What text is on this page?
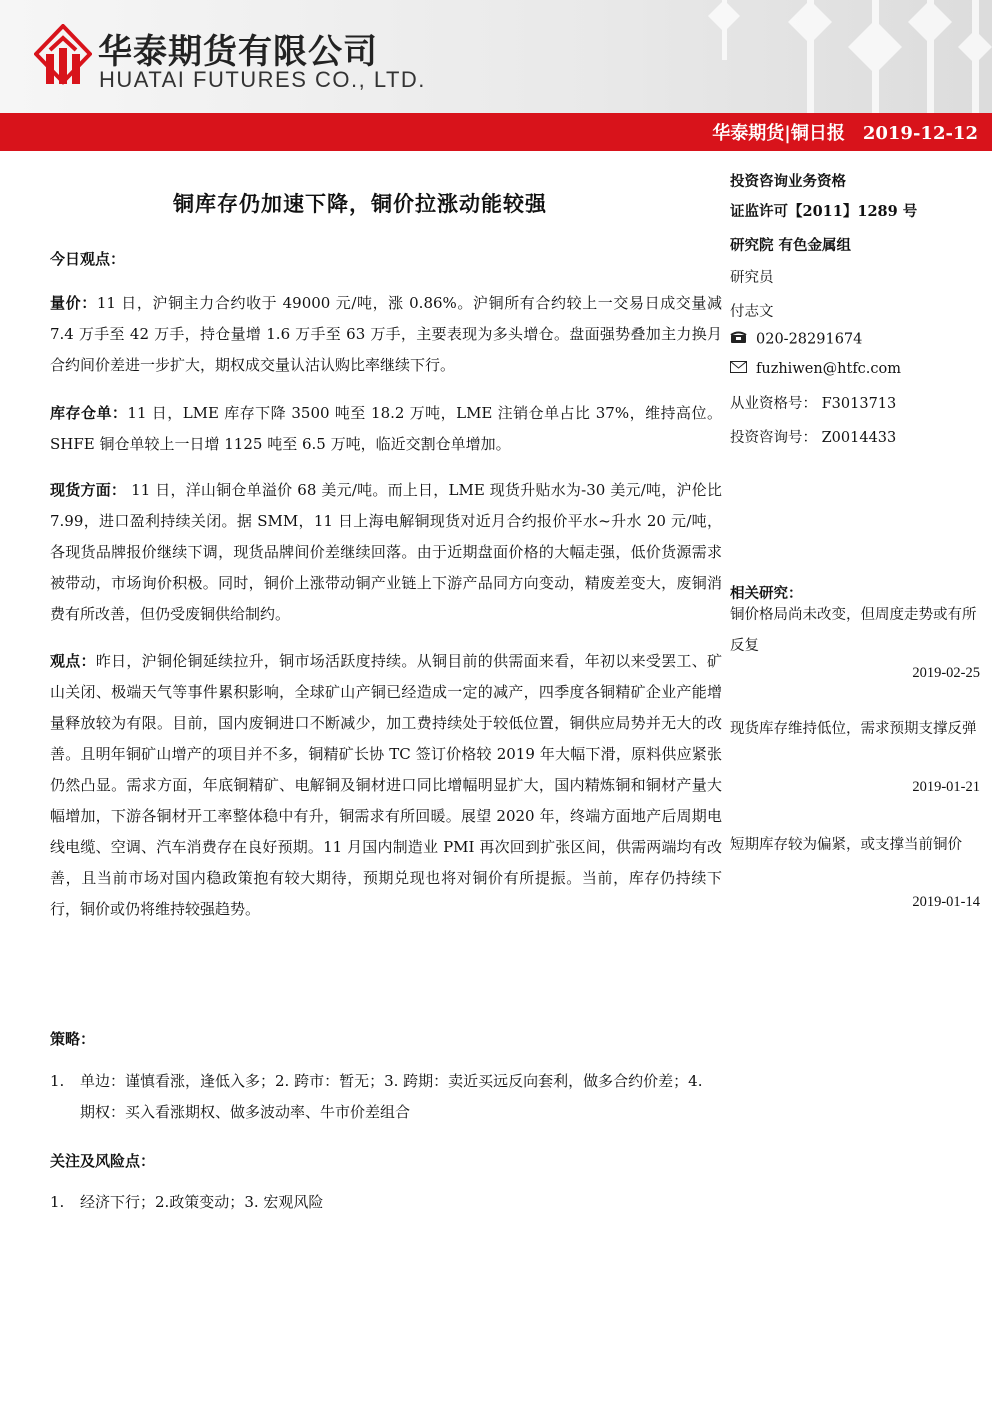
华泰期货有限公司
HUATAI FUTURES CO., LTD.
华泰期货|铜日报 2019-12-12
铜库存仍加速下降，铜价拉涨动能较强
今日观点：
量价：11 日，沪铜主力合约收于 49000 元/吨，涨 0.86%。沪铜所有合约较上一交易日成交量减 7.4 万手至 42 万手，持仓量增 1.6 万手至 63 万手，主要表现为多头增仓。盘面强势叠加主力换月合约间价差进一步扩大，期权成交量认沽认购比率继续下行。
库存仓单：11 日，LME 库存下降 3500 吨至 18.2 万吨，LME 注销仓单占比 37%，维持高位。SHFE 铜仓单较上一日增 1125 吨至 6.5 万吨，临近交割仓单增加。
现货方面： 11 日，洋山铜仓单溢价 68 美元/吨。而上日，LME 现货升贴水为-30 美元/吨，沪伦比 7.99，进口盈利持续关闭。据 SMM，11 日上海电解铜现货对近月合约报价平水~升水 20 元/吨，各现货品牌报价继续下调，现货品牌间价差继续回落。由于近期盘面价格的大幅走强，低价货源需求被带动，市场询价积极。同时，铜价上涨带动铜产业链上下游产品同方向变动，精废差变大，废铜消费有所改善，但仍受废铜供给制约。
观点：昨日，沪铜伦铜延续拉升，铜市场活跃度持续。从铜目前的供需面来看，年初以来受罢工、矿山关闭、极端天气等事件累积影响，全球矿山产铜已经造成一定的减产，四季度各铜精矿企业产能增量释放较为有限。目前，国内废铜进口不断减少，加工费持续处于较低位置，铜供应局势并无大的改善。且明年铜矿山增产的项目并不多，铜精矿长协 TC 签订价格较 2019 年大幅下滑，原料供应紧张仍然凸显。需求方面，年底铜精矿、电解铜及铜材进口同比增幅明显扩大，国内精炼铜和铜材产量大幅增加，下游各铜材开工率整体稳中有升，铜需求有所回暖。展望 2020 年，终端方面地产后周期电线电缆、空调、汽车消费存在良好预期。11 月国内制造业 PMI 再次回到扩张区间，供需两端均有改善，且当前市场对国内稳政策抱有较大期待，预期兑现也将对铜价有所提振。当前，库存仍持续下行，铜价或仍将维持较强趋势。
策略：
1.	单边：谨慎看涨，逢低入多；2. 跨市：暂无；3. 跨期：卖近买远反向套利，做多合约价差；4. 期权：买入看涨期权、做多波动率、牛市价差组合
关注及风险点：
1.	经济下行；2.政策变动；3. 宏观风险
投资咨询业务资格
证监许可【2011】1289 号
研究院 有色金属组
研究员
付志文
020-28291674
fuzhiwen@htfc.com
从业资格号： F3013713
投资咨询号： Z0014433
相关研究：
铜价格局尚未改变，但周度走势或有所反复
2019-02-25
现货库存维持低位，需求预期支撑反弹
2019-01-21
短期库存较为偏紧，或支撑当前铜价
2019-01-14
